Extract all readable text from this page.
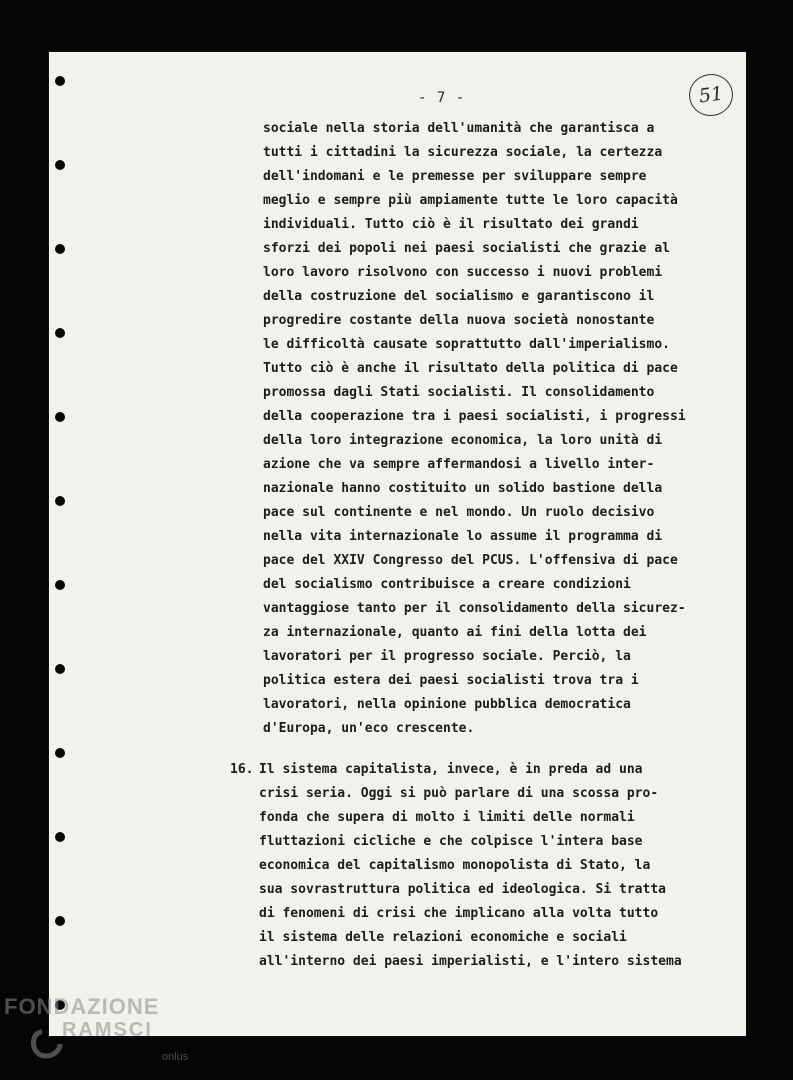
- 7 -	51
sociale nella storia dell'umanità che garantisca a
tutti i cittadini la sicurezza sociale, la certezza
dell'indomani e le premesse per sviluppare sempre
meglio e sempre più ampiamente tutte le loro capacità
individuali. Tutto ciò è il risultato dei grandi
sforzi dei popoli nei paesi socialisti che grazie al
loro lavoro risolvono con successo i nuovi problemi
della costruzione del socialismo e garantiscono il
progredire costante della nuova società nonostante
le difficoltà causate soprattutto dall'imperialismo.
Tutto ciò è anche il risultato della politica di pace
promossa dagli Stati socialisti. Il consolidamento
della cooperazione tra i paesi socialisti, i progressi
della loro integrazione economica, la loro unità di
azione che va sempre affermandosi a livello inter-
nazionale hanno costituito un solido bastione della
pace sul continente e nel mondo. Un ruolo decisivo
nella vita internazionale lo assume il programma di
pace del XXIV Congresso del PCUS. L'offensiva di pace
del socialismo contribuisce a creare condizioni
vantaggiose tanto per il consolidamento della sicurez-
za internazionale, quanto ai fini della lotta dei
lavoratori per il progresso sociale. Perciò, la
politica estera dei paesi socialisti trova tra i
lavoratori, nella opinione pubblica democratica
d'Europa, un'eco crescente.
16. Il sistema capitalista, invece, è in preda ad una
crisi seria. Oggi si può parlare di una scossa pro-
fonda che supera di molto i limiti delle normali
fluttazioni cicliche e che colpisce l'intera base
economica del capitalismo monopolista di Stato, la
sua sovrastruttura politica ed ideologica. Si tratta
di fenomeni di crisi che implicano alla volta tutto
il sistema delle relazioni economiche e sociali
all'interno dei paesi imperialisti, e l'intero sistema
FONDAZIONE
RAMSCI
onlus
